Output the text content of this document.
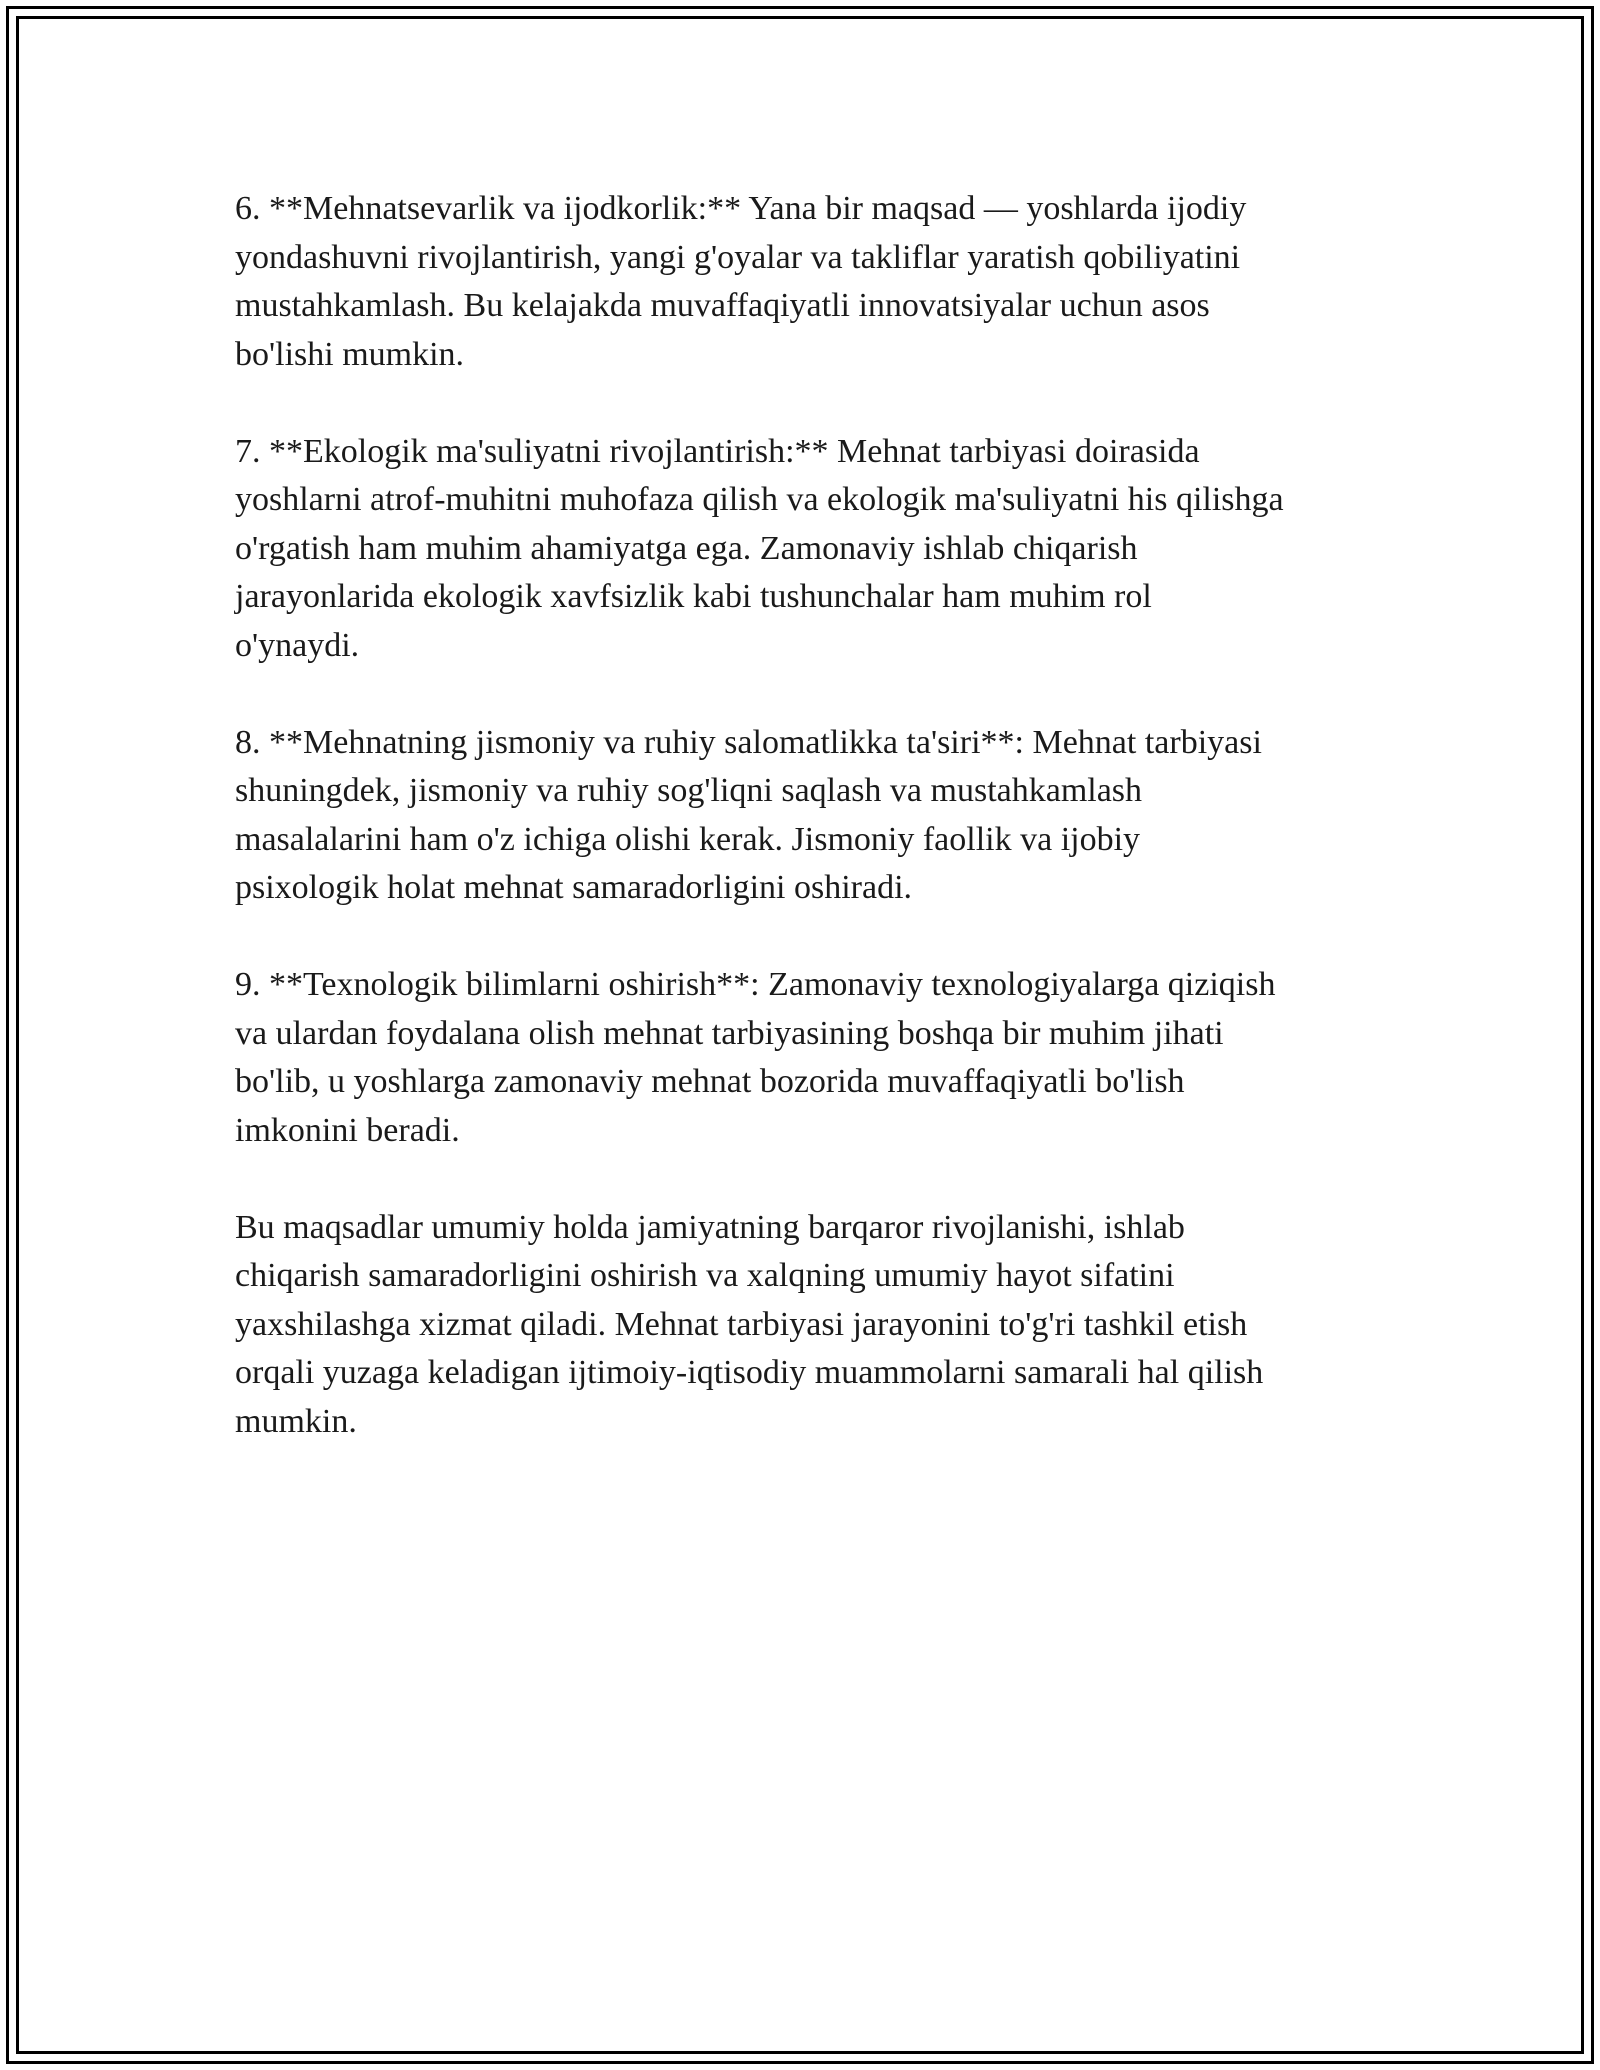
6. **Mehnatsevarlik va ijodkorlik:** Yana bir maqsad — yoshlarda ijodiy
yondashuvni rivojlantirish, yangi g'oyalar va takliflar yaratish qobiliyatini
mustahkamlash. Bu kelajakda muvaffaqiyatli innovatsiyalar uchun asos
bo'lishi mumkin.

7. **Ekologik ma'suliyatni rivojlantirish:** Mehnat tarbiyasi doirasida
yoshlarni atrof-muhitni muhofaza qilish va ekologik ma'suliyatni his qilishga
o'rgatish ham muhim ahamiyatga ega. Zamonaviy ishlab chiqarish
jarayonlarida ekologik xavfsizlik kabi tushunchalar ham muhim rol
o'ynaydi.

8. **Mehnatning jismoniy va ruhiy salomatlikka ta'siri**: Mehnat tarbiyasi
shuningdek, jismoniy va ruhiy sog'liqni saqlash va mustahkamlash
masalalarini ham o'z ichiga olishi kerak. Jismoniy faollik va ijobiy
psixologik holat mehnat samaradorligini oshiradi.

9. **Texnologik bilimlarni oshirish**: Zamonaviy texnologiyalarga qiziqish
va ulardan foydalana olish mehnat tarbiyasining boshqa bir muhim jihati
bo'lib, u yoshlarga zamonaviy mehnat bozorida muvaffaqiyatli bo'lish
imkonini beradi.

Bu maqsadlar umumiy holda jamiyatning barqaror rivojlanishi, ishlab
chiqarish samaradorligini oshirish va xalqning umumiy hayot sifatini
yaxshilashga xizmat qiladi. Mehnat tarbiyasi jarayonini to'g'ri tashkil etish
orqali yuzaga keladigan ijtimoiy-iqtisodiy muammolarni samarali hal qilish
mumkin.
